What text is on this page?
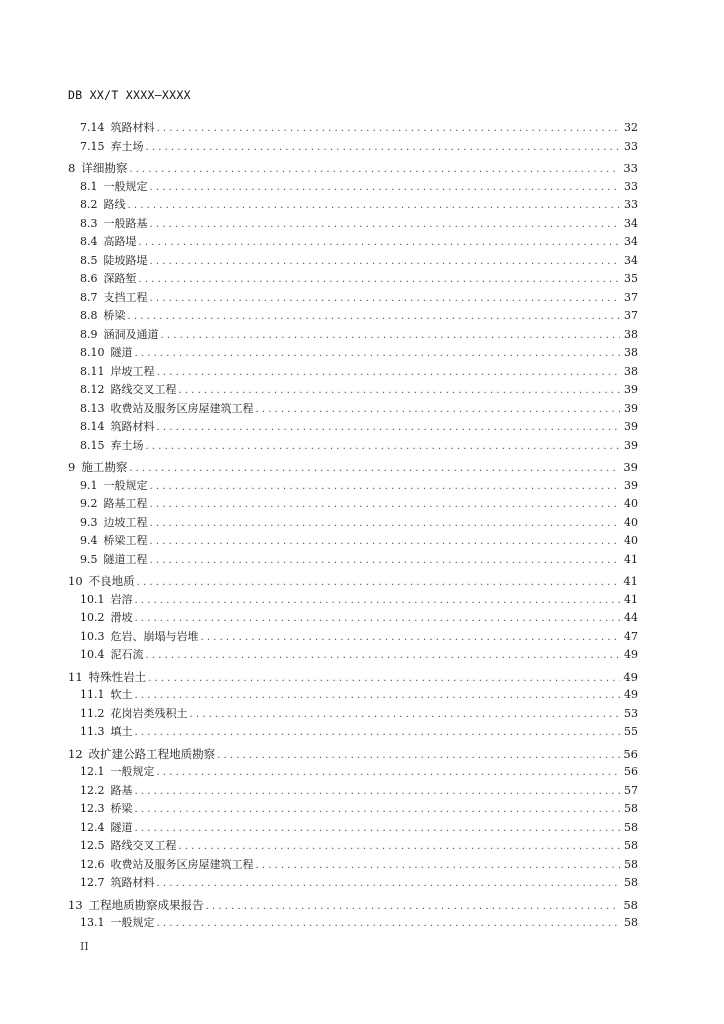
DB XX/T XXXX—XXXX
7.14 筑路材料 . . .	32
7.15 弃土场 . . .	33
8 详细勘察 . . .	33
8.1 一般规定 . . .	33
8.2 路线 . . .	33
8.3 一般路基 . . .	34
8.4 高路堤 . . .	34
8.5 陡坡路堤 . . .	34
8.6 深路堑 . . .	35
8.7 支挡工程 . . .	37
8.8 桥梁 . . .	37
8.9 涵洞及通道 . . .	38
8.10 隧道 . . .	38
8.11 岸坡工程 . . .	38
8.12 路线交叉工程 . . .	39
8.13 收费站及服务区房屋建筑工程 . . .	39
8.14 筑路材料 . . .	39
8.15 弃土场 . . .	39
9 施工勘察 . . .	39
9.1 一般规定 . . .	39
9.2 路基工程 . . .	40
9.3 边坡工程 . . .	40
9.4 桥梁工程 . . .	40
9.5 隧道工程 . . .	41
10 不良地质 . . .	41
10.1 岩溶 . . .	41
10.2 滑坡 . . .	44
10.3 危岩、崩塌与岩堆 . . .	47
10.4 泥石流 . . .	49
11 特殊性岩土 . . .	49
11.1 软土 . . .	49
11.2 花岗岩类残积土 . . .	53
11.3 填土 . . .	55
12 改扩建公路工程地质勘察 . . .	56
12.1 一般规定 . . .	56
12.2 路基 . . .	57
12.3 桥梁 . . .	58
12.4 隧道 . . .	58
12.5 路线交叉工程 . . .	58
12.6 收费站及服务区房屋建筑工程 . . .	58
12.7 筑路材料 . . .	58
13 工程地质勘察成果报告 . . .	58
13.1 一般规定 . . .	58
II
